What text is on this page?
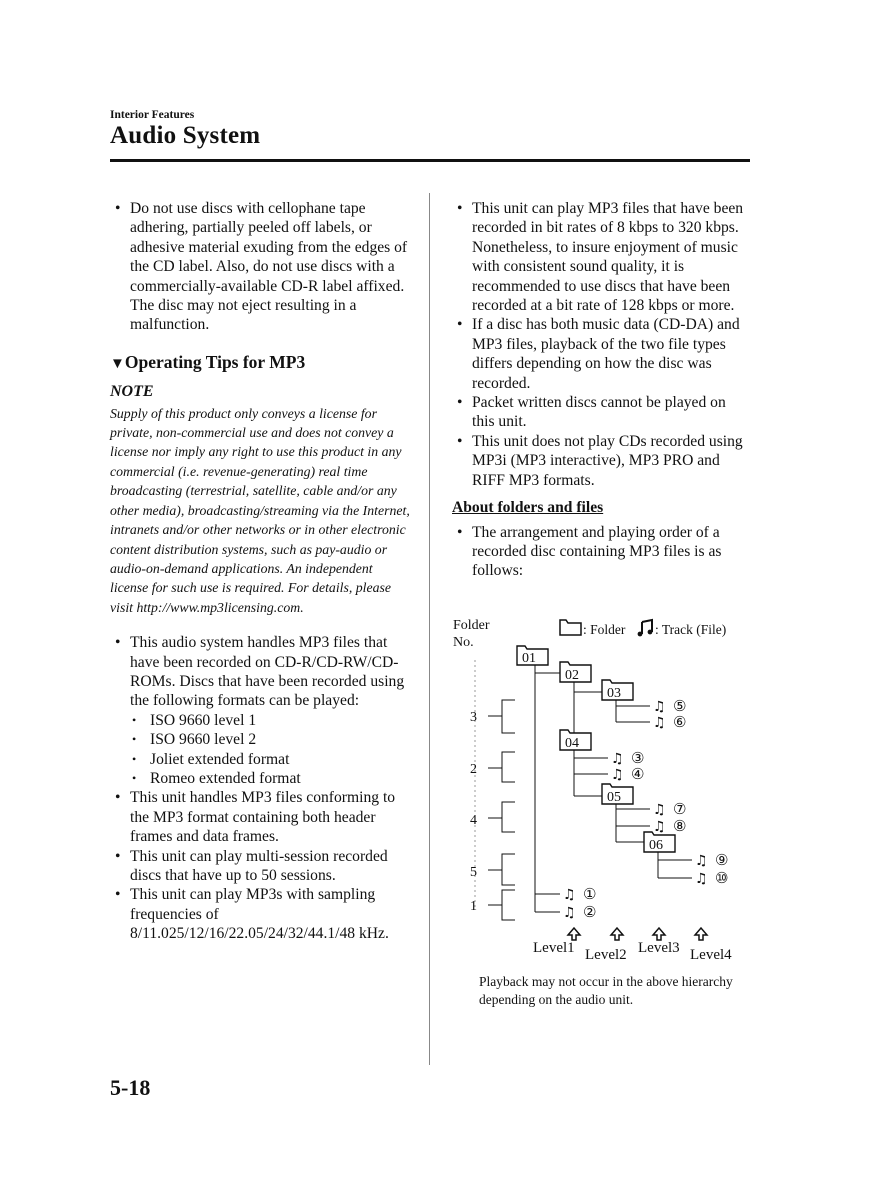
Interior Features
Audio System
• Do not use discs with cellophane tape adhering, partially peeled off labels, or adhesive material exuding from the edges of the CD label. Also, do not use discs with a commercially-available CD-R label affixed. The disc may not eject resulting in a malfunction.
▼Operating Tips for MP3
NOTE
Supply of this product only conveys a license for private, non-commercial use and does not convey a license nor imply any right to use this product in any commercial (i.e. revenue-generating) real time broadcasting (terrestrial, satellite, cable and/or any other media), broadcasting/streaming via the Internet, intranets and/or other networks or in other electronic content distribution systems, such as pay-audio or audio-on-demand applications. An independent license for such use is required. For details, please visit http://www.mp3licensing.com.
• This audio system handles MP3 files that have been recorded on CD-R/CD-RW/CD-ROMs. Discs that have been recorded using the following formats can be played:
• ISO 9660 level 1
• ISO 9660 level 2
• Joliet extended format
• Romeo extended format
• This unit handles MP3 files conforming to the MP3 format containing both header frames and data frames.
• This unit can play multi-session recorded discs that have up to 50 sessions.
• This unit can play MP3s with sampling frequencies of 8/11.025/12/16/22.05/24/32/44.1/48 kHz.
• This unit can play MP3 files that have been recorded in bit rates of 8 kbps to 320 kbps. Nonetheless, to insure enjoyment of music with consistent sound quality, it is recommended to use discs that have been recorded at a bit rate of 128 kbps or more.
• If a disc has both music data (CD-DA) and MP3 files, playback of the two file types differs depending on how the disc was recorded.
• Packet written discs cannot be played on this unit.
• This unit does not play CDs recorded using MP3i (MP3 interactive), MP3 PRO and RIFF MP3 formats.
About folders and files
• The arrangement and playing order of a recorded disc containing MP3 files is as follows:
Folder
No.
: Folder : Track (File)
3
2
4
5
1
01
02
03
04
05
06
♫ ⑤
♫ ⑥
♫ ③
♫ ④
♫ ⑦
♫ ⑧
♫ ⑨
♫ ⑩
♫ ①
♫ ②
Level1 Level2 Level3 Level4
Playback may not occur in the above hierarchy depending on the audio unit.
5-18
